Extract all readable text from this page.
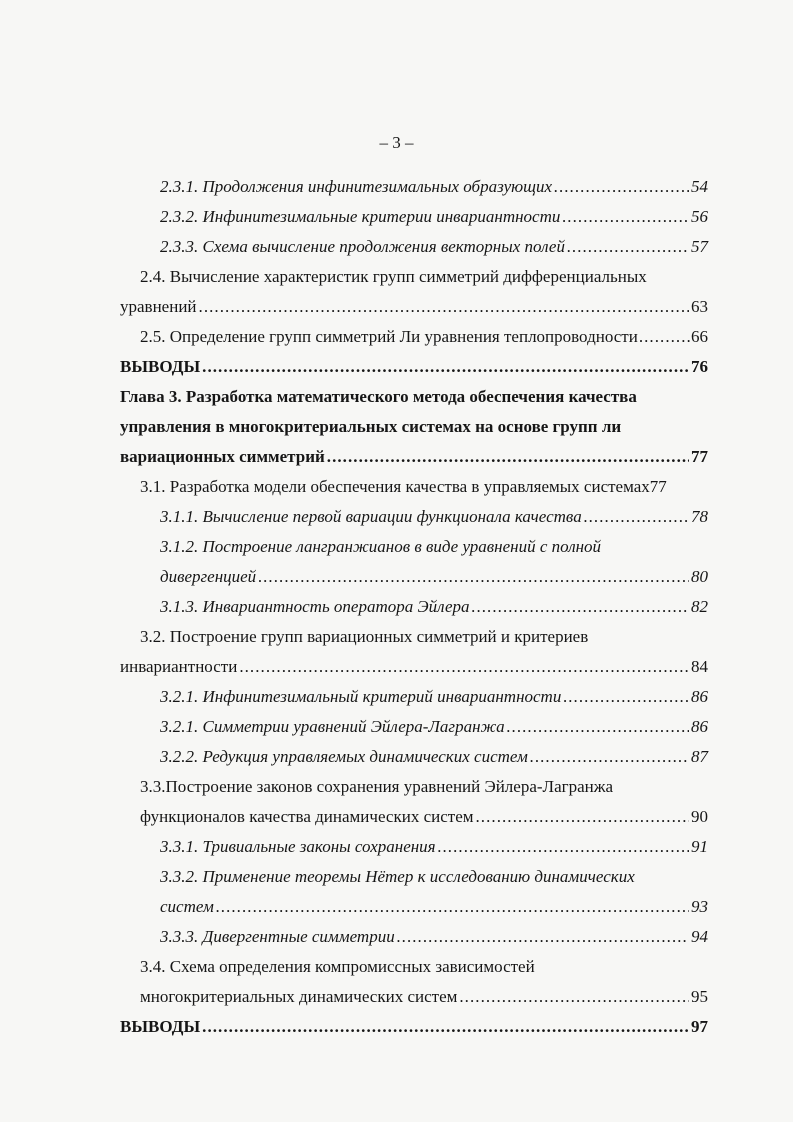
– 3 –
2.3.1. Продолжения инфинитезимальных образующих . . .	54
2.3.2. Инфинитезимальные критерии инвариантности . . .	56
2.3.3. Схема вычисление продолжения векторных полей . . .	57
2.4. Вычисление характеристик групп симметрий дифференциальных
уравнений . . .	63
2.5. Определение групп симметрий Ли уравнения теплопроводности . . .	66
ВЫВОДЫ . . .	76
Глава 3. Разработка математического метода обеспечения качества
управления в многокритериальных системах на основе групп ли
вариационных симметрий . . .	77
3.1. Разработка модели обеспечения качества в управляемых системах 77
3.1.1. Вычисление первой вариации функционала качества . . .	78
3.1.2. Построение лангранжианов в виде уравнений с полной
дивергенцией . . .	80
3.1.3. Инвариантность оператора Эйлера . . .	82
3.2. Построение групп вариационных симметрий и критериев
инвариантности . . .	84
3.2.1. Инфинитезимальный критерий инвариантности . . .	86
3.2.1. Симметрии уравнений Эйлера-Лагранжа . . .	86
3.2.2. Редукция управляемых динамических систем . . .	87
3.3.Построение законов сохранения уравнений Эйлера-Лагранжа
функционалов качества динамических систем . . .	90
3.3.1. Тривиальные законы сохранения . . .	91
3.3.2. Применение теоремы Нётер к исследованию динамических
систем . . .	93
3.3.3. Дивергентные симметрии . . .	94
3.4. Схема определения компромиссных зависимостей
многокритериальных динамических систем . . .	95
ВЫВОДЫ . . .	97
